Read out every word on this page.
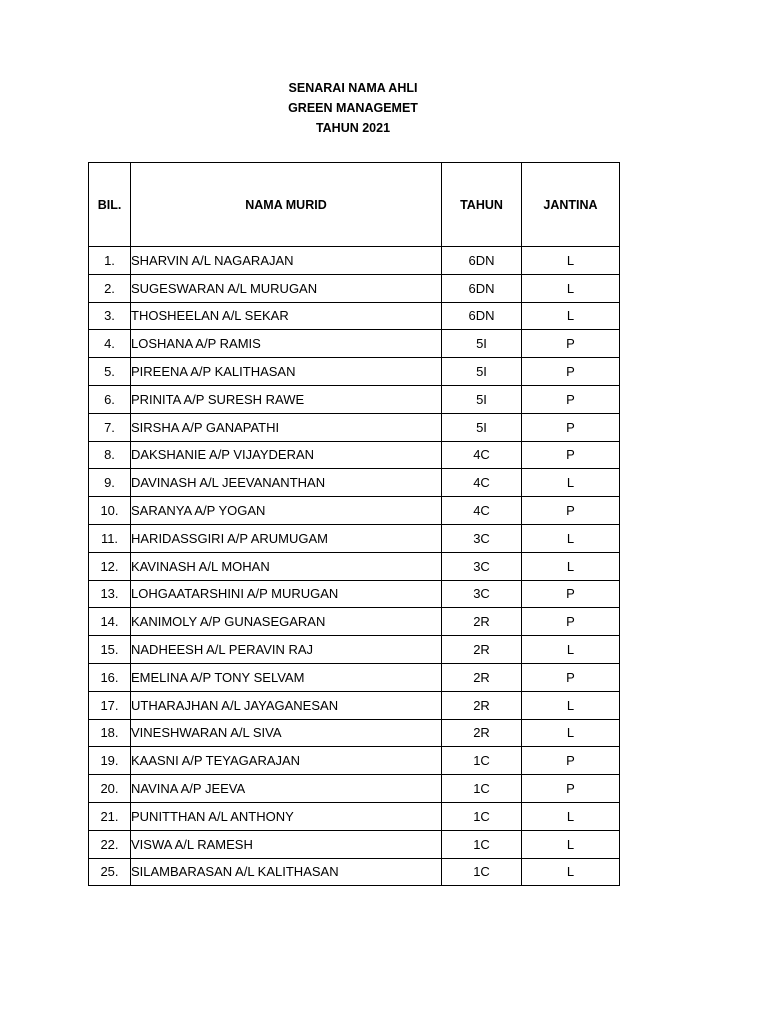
SENARAI NAMA AHLI
GREEN MANAGEMET
TAHUN 2021
BIL.	NAMA MURID	TAHUN	JANTINA
1.	SHARVIN A/L NAGARAJAN	6DN	L
2.	SUGESWARAN A/L MURUGAN	6DN	L
3.	THOSHEELAN A/L SEKAR	6DN	L
4.	LOSHANA A/P RAMIS	5I	P
5.	PIREENA A/P KALITHASAN	5I	P
6.	PRINITA A/P SURESH RAWE	5I	P
7.	SIRSHA A/P GANAPATHI	5I	P
8.	DAKSHANIE A/P VIJAYDERAN	4C	P
9.	DAVINASH A/L JEEVANANTHAN	4C	L
10.	SARANYA A/P YOGAN	4C	P
11.	HARIDASSGIRI A/P ARUMUGAM	3C	L
12.	KAVINASH A/L MOHAN	3C	L
13.	LOHGAATARSHINI A/P MURUGAN	3C	P
14.	KANIMOLY A/P GUNASEGARAN	2R	P
15.	NADHEESH A/L PERAVIN RAJ	2R	L
16.	EMELINA A/P TONY SELVAM	2R	P
17.	UTHARAJHAN A/L JAYAGANESAN	2R	L
18.	VINESHWARAN A/L SIVA	2R	L
19.	KAASNI A/P TEYAGARAJAN	1C	P
20.	NAVINA A/P JEEVA	1C	P
21.	PUNITTHAN A/L ANTHONY	1C	L
22.	VISWA A/L RAMESH	1C	L
25.	SILAMBARASAN A/L KALITHASAN	1C	L
